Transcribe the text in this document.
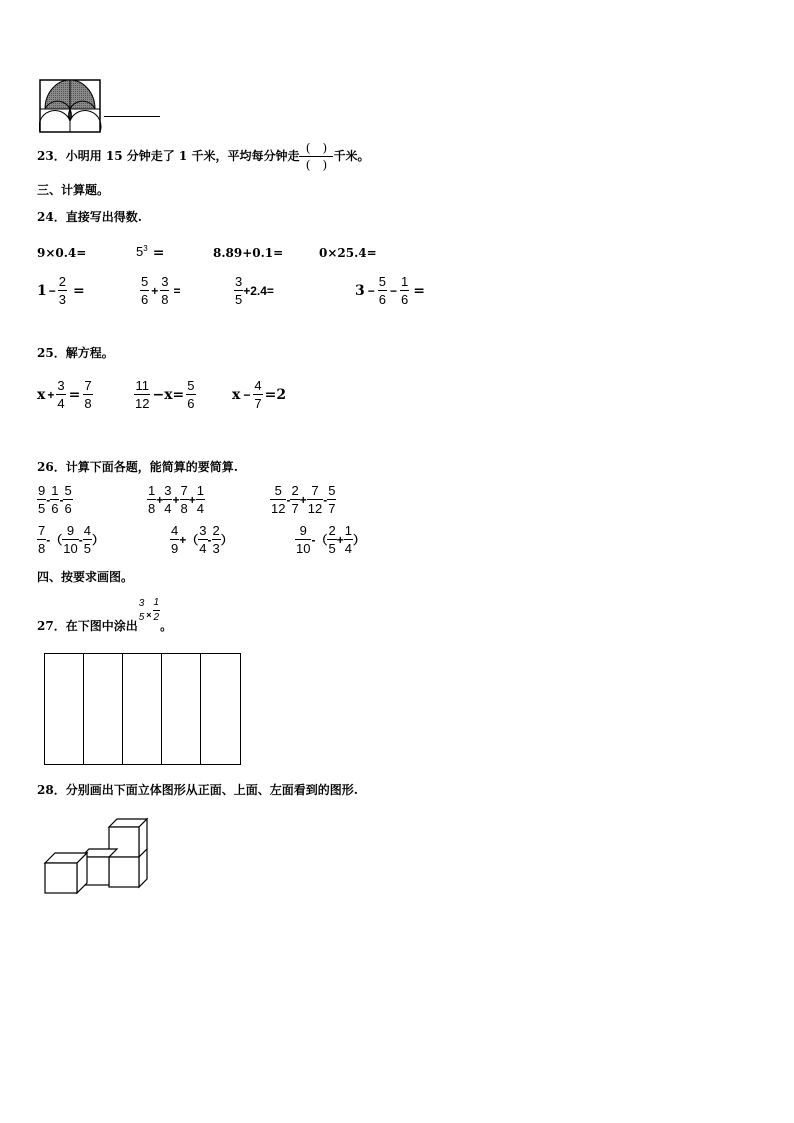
23．小明用 15 分钟走了 1 千米，平均每分钟走 $\frac{( )}{( )}$ 千米。
三、计算题。
24．直接写出得数.
9×0.4=	$5^3$ =	8.89+0.1=	0×25.4=
$1 - \frac{2}{3}$ =	$\frac{5}{6} + \frac{3}{8}$ =	$\frac{3}{5} +2.4=$	$3 - \frac{5}{6} - \frac{1}{6}$ =
25．解方程。
$x + \frac{3}{4} = \frac{7}{8}$	$\frac{11}{12} -x= \frac{5}{6}$	$x - \frac{4}{7} =2$
26．计算下面各题，能简算的要简算.
$\frac{9}{5} - \frac{1}{6} - \frac{5}{6}$	$\frac{1}{8} + \frac{3}{4} + \frac{7}{8} + \frac{1}{4}$	$\frac{5}{12} - \frac{2}{7} + \frac{7}{12} - \frac{5}{7}$
$\frac{7}{8}$ -（ $\frac{9}{10} - \frac{4}{5}$ ）	$\frac{4}{9}$ +（ $\frac{3}{4} - \frac{2}{3}$ ）	$\frac{9}{10}$ -（ $\frac{2}{5} + \frac{1}{4}$ ）
四、按要求画图。
27．在下图中涂出
3
$5 \times \frac{1}{2}$
。
28．分别画出下面立体图形从正面、上面、左面看到的图形.
